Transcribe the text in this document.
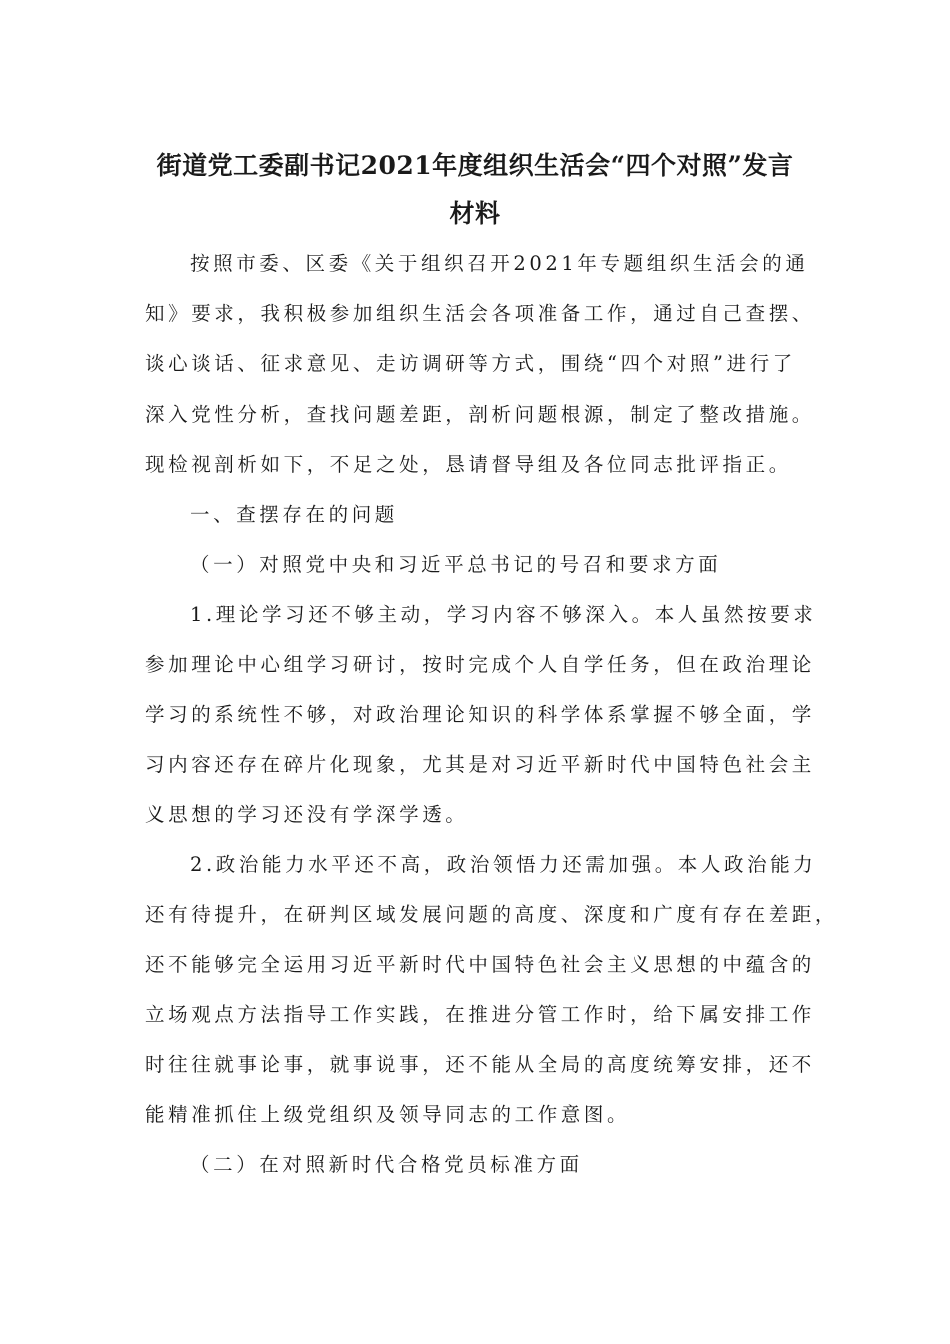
街道党工委副书记2021年度组织生活会“四个对照”发言
材料

按照市委、区委《关于组织召开2021年专题组织生活会的通

知》要求，我积极参加组织生活会各项准备工作，通过自己查摆、

谈心谈话、征求意见、走访调研等方式，围绕“四个对照”进行了

深入党性分析，查找问题差距，剖析问题根源，制定了整改措施。

现检视剖析如下，不足之处，恳请督导组及各位同志批评指正。

一、查摆存在的问题

（一）对照党中央和习近平总书记的号召和要求方面

1.理论学习还不够主动，学习内容不够深入。本人虽然按要求

参加理论中心组学习研讨，按时完成个人自学任务，但在政治理论

学习的系统性不够，对政治理论知识的科学体系掌握不够全面，学

习内容还存在碎片化现象，尤其是对习近平新时代中国特色社会主

义思想的学习还没有学深学透。

2.政治能力水平还不高，政治领悟力还需加强。本人政治能力

还有待提升，在研判区域发展问题的高度、深度和广度有存在差距，

还不能够完全运用习近平新时代中国特色社会主义思想的中蕴含的

立场观点方法指导工作实践，在推进分管工作时，给下属安排工作

时往往就事论事，就事说事，还不能从全局的高度统筹安排，还不

能精准抓住上级党组织及领导同志的工作意图。

（二）在对照新时代合格党员标准方面
